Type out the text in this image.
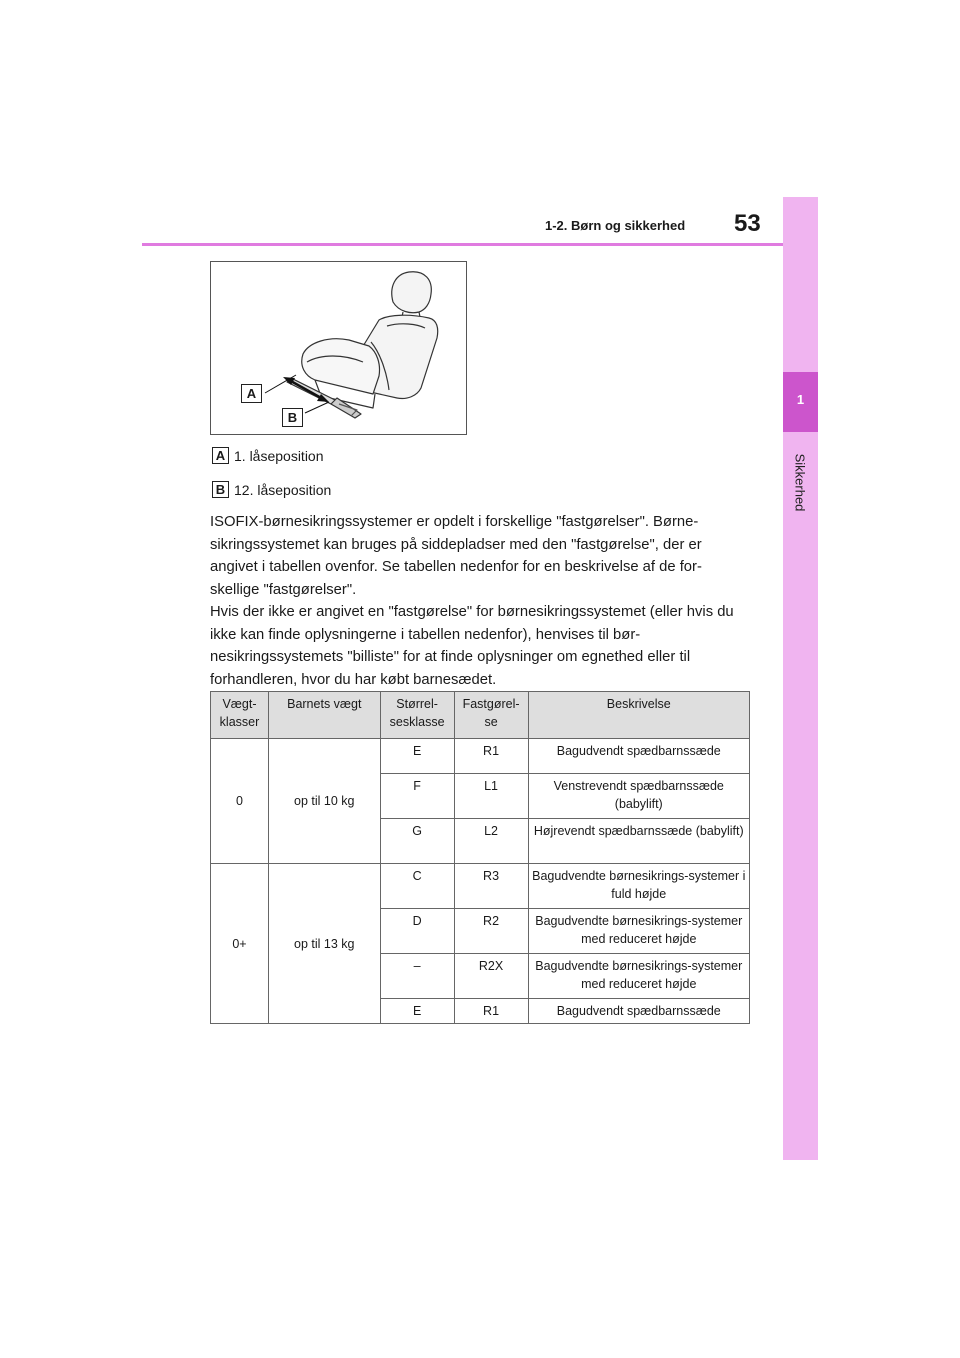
1-2. Børn og sikkerhed 53
1
Sikkerhed
A
B
A 1. låseposition
B 12. låseposition

ISOFIX-børnesikringssystemer er opdelt i forskellige "fastgørelser". Børne-sikringssystemet kan bruges på siddepladser med den "fastgørelse", der er angivet i tabellen ovenfor. Se tabellen nedenfor for en beskrivelse af de for-skellige "fastgørelser".

Hvis der ikke er angivet en "fastgørelse" for børnesikringssystemet (eller hvis du ikke kan finde oplysningerne i tabellen nedenfor), henvises til bør-nesikringssystemets "billiste" for at finde oplysninger om egnethed eller til forhandleren, hvor du har købt barnesædet.

Vægt-klasser	Barnets vægt	Størrel-sesklasse	Fastgørel-se	Beskrivelse
0	op til 10 kg	E	R1	Bagudvendt spædbarnssæde
		F	L1	Venstrevendt spædbarnssæde (babylift)
		G	L2	Højrevendt spædbarnssæde (babylift)
0+	op til 13 kg	C	R3	Bagudvendte børnesikrings-systemer i fuld højde
		D	R2	Bagudvendte børnesikrings-systemer med reduceret højde
		–	R2X	Bagudvendte børnesikrings-systemer med reduceret højde
		E	R1	Bagudvendt spædbarnssæde
